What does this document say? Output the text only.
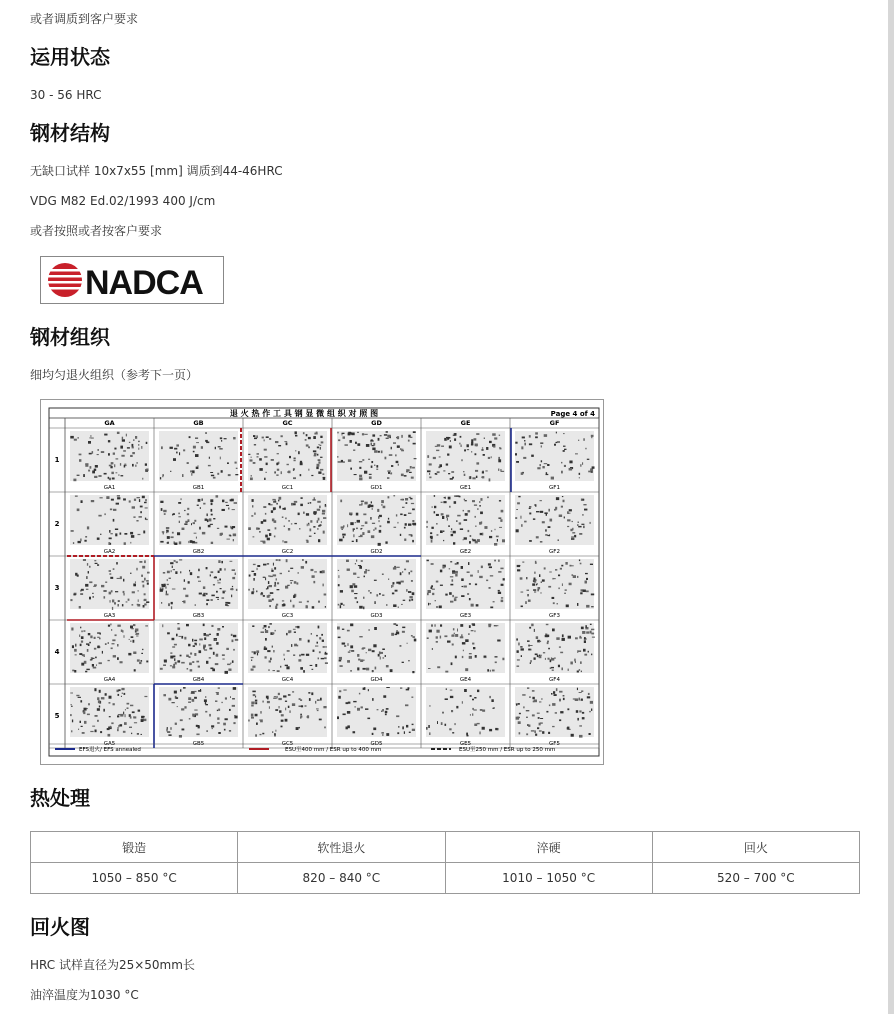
或者调质到客户要求

运用状态

30 - 56 HRC

钢材结构

无缺口试样 10x7x55 [mm] 调质到44-46HRC

VDG M82 Ed.02/1993 400 J/cm

或者按照或者按客户要求

NADCA
钢材组织

细均匀退火组织（参考下一页）

退 火 热 作 工 具 钢 显 微 组 织 对 照 图	Page 4 of 4
GA	GB	GC	GD	GE	GF
1
GA1	GB1	GC1	GD1	GE1	GF1
2
GA2	GB2	GC2	GD2	GE2	GF2
3
GA3	GB3	GC3	GD3	GE3	GF3
4
GA4	GB4	GC4	GD4	GE4	GF4
5
GA5	GB5	GC5	GD5	GE5	GF5
EFS退火/ EFS annealed	ESU至400 mm / ESR up to 400 mm	ESU至250 mm / ESR up to 250 mm
热处理
锻造	软性退火	淬硬	回火
1050 – 850 °C	820 – 840 °C	1010 – 1050 °C	520 – 700 °C
回火图

HRC 试样直径为25×50mm长

油淬温度为1030 °C
